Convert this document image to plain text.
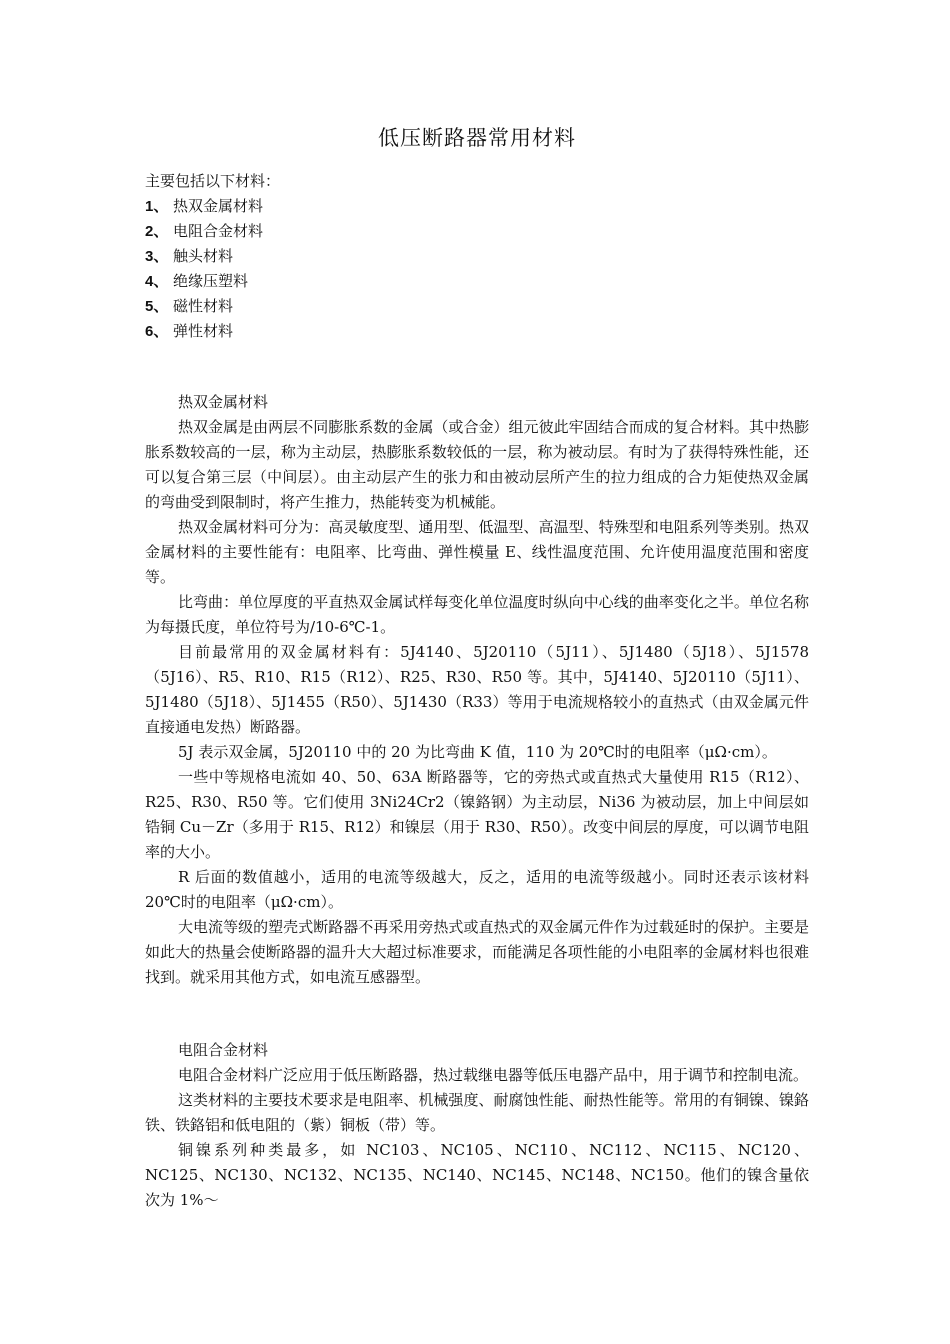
低压断路器常用材料
主要包括以下材料：
1、 热双金属材料
2、 电阻合金材料
3、 触头材料
4、 绝缘压塑料
5、 磁性材料
6、 弹性材料
热双金属材料

热双金属是由两层不同膨胀系数的金属（或合金）组元彼此牢固结合而成的复合材料。其中热膨胀系数较高的一层，称为主动层，热膨胀系数较低的一层，称为被动层。有时为了获得特殊性能，还可以复合第三层（中间层）。由主动层产生的张力和由被动层所产生的拉力组成的合力矩使热双金属的弯曲受到限制时，将产生推力，热能转变为机械能。

热双金属材料可分为：高灵敏度型、通用型、低温型、高温型、特殊型和电阻系列等类别。热双金属材料的主要性能有：电阻率、比弯曲、弹性模量 E、线性温度范围、允许使用温度范围和密度等。

比弯曲：单位厚度的平直热双金属试样每变化单位温度时纵向中心线的曲率变化之半。单位名称为每摄氏度，单位符号为/10-6℃-1。

目前最常用的双金属材料有：5J4140、5J20110（5J11）、5J1480（5J18）、5J1578（5J16）、R5、R10、R15（R12）、R25、R30、R50 等。其中，5J4140、5J20110（5J11）、5J1480（5J18）、5J1455（R50）、5J1430（R33）等用于电流规格较小的直热式（由双金属元件直接通电发热）断路器。

5J 表示双金属，5J20110 中的 20 为比弯曲 K 值，110 为 20℃时的电阻率（μΩ·cm）。

一些中等规格电流如 40、50、63A 断路器等，它的旁热式或直热式大量使用 R15（R12）、R25、R30、R50 等。它们使用 3Ni24Cr2（镍鉻钢）为主动层，Ni36 为被动层，加上中间层如锆铜 Cu－Zr（多用于 R15、R12）和镍层（用于 R30、R50）。改变中间层的厚度，可以调节电阻率的大小。

R 后面的数值越小，适用的电流等级越大，反之，适用的电流等级越小。同时还表示该材料 20℃时的电阻率（μΩ·cm）。

大电流等级的塑壳式断路器不再采用旁热式或直热式的双金属元件作为过载延时的保护。主要是如此大的热量会使断路器的温升大大超过标准要求，而能满足各项性能的小电阻率的金属材料也很难找到。就采用其他方式，如电流互感器型。

电阻合金材料

电阻合金材料广泛应用于低压断路器，热过载继电器等低压电器产品中，用于调节和控制电流。

这类材料的主要技术要求是电阻率、机械强度、耐腐蚀性能、耐热性能等。常用的有铜镍、镍鉻铁、铁鉻铝和低电阻的（紫）铜板（带）等。

铜镍系列种类最多，如 NC103、NC105、NC110、NC112、NC115、NC120、NC125、NC130、NC132、NC135、NC140、NC145、NC148、NC150。他们的镍含量依次为 1%～
